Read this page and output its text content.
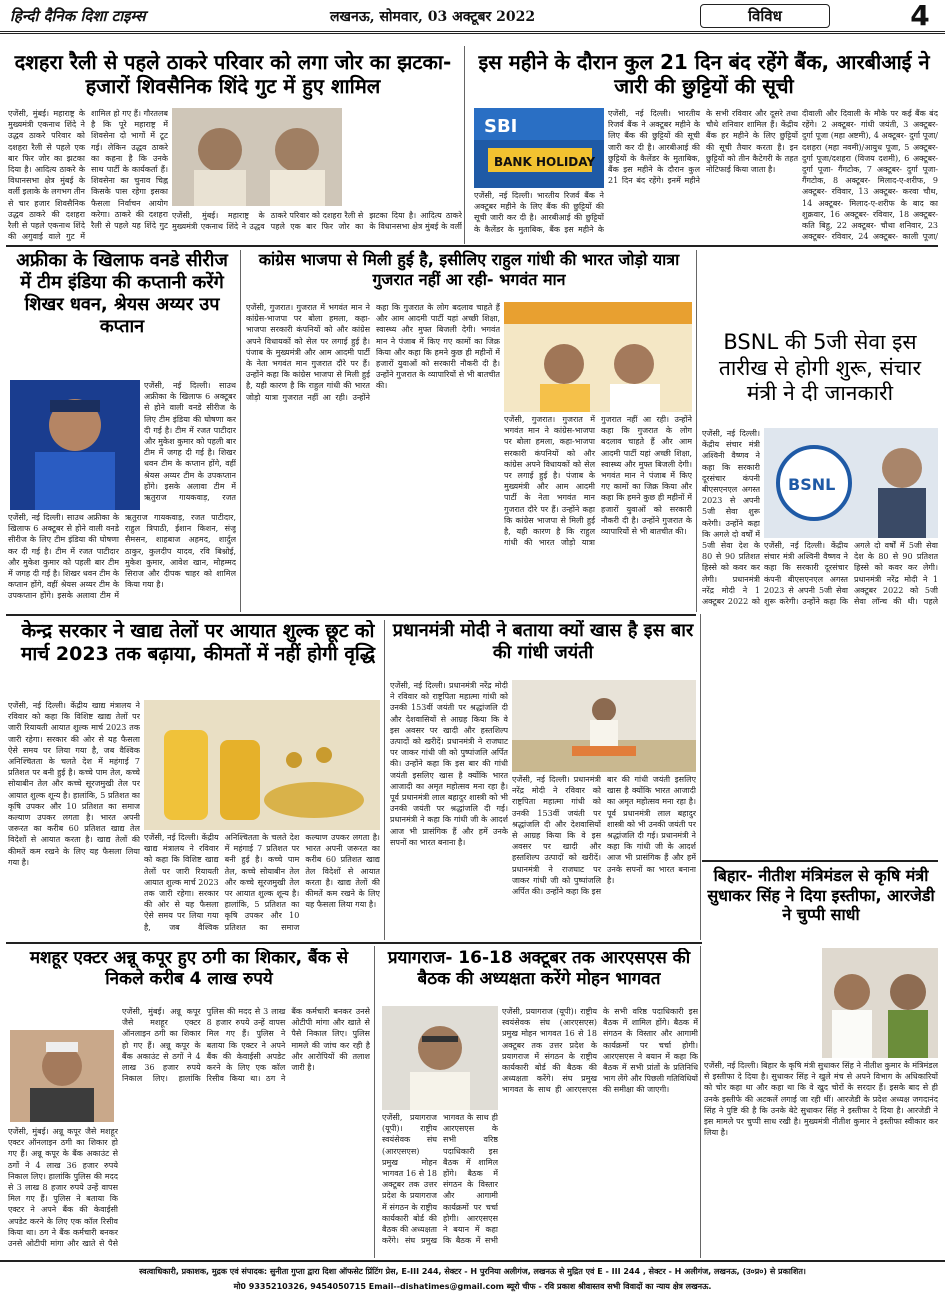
हिन्दी दैनिक दिशा टाइम्स	लखनऊ, सोमवार, 03 अक्टूबर 2022	विविध	4
दशहरा रैली से पहले ठाकरे परिवार को लगा जोर का झटका- हजारों शिवसैनिक शिंदे गुट में हुए शामिल
एजेंसी, मुंबई। महाराष्ट्र के मुख्यमंत्री एकनाथ शिंदे ने उद्धव ठाकरे परिवार को दशहरा रैली से पहले एक बार फिर जोर का झटका दिया है। आदित्य ठाकरे के विधानसभा क्षेत्र मुंबई के वर्ली इलाके के लगभग तीन से चार हजार शिवसैनिक उद्धव ठाकरे की दशहरा रैली से पहले एकनाथ शिंदे की अगुवाई वाले गुट में शामिल हो गए हैं। गौरतलब है कि पूरे महाराष्ट्र में शिवसेना दो भागों में टूट गई। लेकिन उद्धव ठाकरे का कहना है कि उनके साथ पार्टी के कार्यकर्ता हैं। शिवसेना का चुनाव चिह्न किसके पास रहेगा इसका फैसला निर्वाचन आयोग करेगा। ठाकरे की दशहरा रैली से पहले यह शिंदे गुट
एजेंसी, मुंबई। महाराष्ट्र के मुख्यमंत्री एकनाथ शिंदे ने उद्धव ठाकरे परिवार को दशहरा रैली से पहले एक बार फिर जोर का झटका दिया है। आदित्य ठाकरे के विधानसभा क्षेत्र मुंबई के वर्ली
इस महीने के दौरान कुल 21 दिन बंद रहेंगे बैंक, आरबीआई ने जारी की छुट्टियों की सूची
SBI
BANK HOLIDAY
एजेंसी, नई दिल्ली। भारतीय रिजर्व बैंक ने अक्टूबर महीने के लिए बैंक की छुट्टियों की सूची जारी कर दी है। आरबीआई की छुट्टियों के कैलेंडर के मुताबिक, बैंक इस महीने के
एजेंसी, नई दिल्ली। भारतीय रिजर्व बैंक ने अक्टूबर महीने के लिए बैंक की छुट्टियों की सूची जारी कर दी है। आरबीआई की छुट्टियों के कैलेंडर के मुताबिक, बैंक इस महीने के दौरान कुल 21 दिन बंद रहेंगे। इनमें महीने के सभी रविवार और दूसरे तथा चौथे शनिवार शामिल हैं। केंद्रीय बैंक हर महीने के लिए छुट्टियों की सूची तैयार करता है। इन छुट्टियों को तीन कैटेगरी के तहत नोटिफाई किया जाता है।
दीवाली और दिवाली के मौके पर कई बैंक बंद रहेंगे। 2 अक्टूबर- गांधी जयंती, 3 अक्टूबर- दुर्गा पूजा (महा अष्टमी), 4 अक्टूबर- दुर्गा पूजा/दशहरा (महा नवमी)/आयुध पूजा, 5 अक्टूबर- दुर्गा पूजा/दशहरा (विजय दशमी), 6 अक्टूबर- दुर्गा पूजा- गैंगटोक, 7 अक्टूबर- दुर्गा पूजा- गैंगटोक, 8 अक्टूबर- मिलाद-ए-शरीफ, 9 अक्टूबर- रविवार, 13 अक्टूबर- करवा चौथ, 14 अक्टूबर- मिलाद-ए-शरीफ के बाद का शुक्रवार, 16 अक्टूबर- रविवार, 18 अक्टूबर- कति बिहु, 22 अक्टूबर- चौथा शनिवार, 23 अक्टूबर- रविवार, 24 अक्टूबर- काली पूजा/
अफ्रीका के खिलाफ वनडे सीरीज में टीम इंडिया की कप्तानी करेंगे शिखर धवन, श्रेयस अय्यर उप कप्तान
एजेंसी, नई दिल्ली। साउथ अफ्रीका के खिलाफ 6 अक्टूबर से होने वाली वनडे सीरीज के लिए टीम इंडिया की घोषणा कर दी गई है। टीम में रजत पाटीदार और मुकेश कुमार को पहली बार टीम में जगह दी गई है। शिखर धवन टीम के कप्तान होंगे, वहीं श्रेयस अय्यर टीम के उपकप्तान होंगे। इसके अलावा टीम में ऋतुराज गायकवाड़, रजत
एजेंसी, नई दिल्ली। साउथ अफ्रीका के खिलाफ 6 अक्टूबर से होने वाली वनडे सीरीज के लिए टीम इंडिया की घोषणा कर दी गई है। टीम में रजत पाटीदार और मुकेश कुमार को पहली बार टीम में जगह दी गई है। शिखर धवन टीम के कप्तान होंगे, वहीं श्रेयस अय्यर टीम के उपकप्तान होंगे। इसके अलावा टीम में ऋतुराज गायकवाड़, रजत पाटीदार, राहुल त्रिपाठी, ईशान किशन, संजू सैमसन, शाहबाज अहमद, शार्दुल ठाकुर, कुलदीप यादव, रवि बिश्नोई, मुकेश कुमार, आवेश खान, मोहम्मद सिराज और दीपक चाहर को शामिल किया गया है।
कांग्रेस भाजपा से मिली हुई है, इसीलिए राहुल गांधी की भारत जोड़ो यात्रा गुजरात नहीं आ रही- भगवंत मान
एजेंसी, गुजरात। गुजरात में भगवंत मान ने कांग्रेस-भाजपा पर बोला हमला, कहा-भाजपा सरकारी कंपनियों को और कांग्रेस अपने विधायकों को सेल पर लगाई हुई है। पंजाब के मुख्यमंत्री और आम आदमी पार्टी के नेता भगवंत मान गुजरात दौरे पर हैं। उन्होंने कहा कि कांग्रेस भाजपा से मिली हुई है, यही कारण है कि राहुल गांधी की भारत जोड़ो यात्रा गुजरात नहीं आ रही। उन्होंने कहा कि गुजरात के लोग बदलाव चाहते हैं और आम आदमी पार्टी यहां अच्छी शिक्षा, स्वास्थ्य और मुफ्त बिजली देगी। भगवंत मान ने पंजाब में किए गए कामों का जिक्र किया और कहा कि हमने कुछ ही महीनों में हजारों युवाओं को सरकारी नौकरी दी है। उन्होंने गुजरात के व्यापारियों से भी बातचीत की।
एजेंसी, गुजरात। गुजरात में भगवंत मान ने कांग्रेस-भाजपा पर बोला हमला, कहा-भाजपा सरकारी कंपनियों को और कांग्रेस अपने विधायकों को सेल पर लगाई हुई है। पंजाब के मुख्यमंत्री और आम आदमी पार्टी के नेता भगवंत मान गुजरात दौरे पर हैं। उन्होंने कहा कि कांग्रेस भाजपा से मिली हुई है, यही कारण है कि राहुल गांधी की भारत जोड़ो यात्रा गुजरात नहीं आ रही। उन्होंने कहा कि गुजरात के लोग बदलाव चाहते हैं और आम आदमी पार्टी यहां अच्छी शिक्षा, स्वास्थ्य और मुफ्त बिजली देगी। भगवंत मान ने पंजाब में किए गए कामों का जिक्र किया और कहा कि हमने कुछ ही महीनों में हजारों युवाओं को सरकारी नौकरी दी है। उन्होंने गुजरात के व्यापारियों से भी बातचीत की।
BSNL की 5जी सेवा इस तारीख से होगी शुरू, संचार मंत्री ने दी जानकारी
एजेंसी, नई दिल्ली। केंद्रीय संचार मंत्री अश्विनी वैष्णव ने कहा कि सरकारी दूरसंचार कंपनी बीएसएनएल अगस्त 2023 से अपनी 5जी सेवा शुरू करेगी। उन्होंने कहा कि अगले दो वर्षों में 5जी सेवा देश के 80 से 90 प्रतिशत हिस्से को कवर कर लेगी। प्रधानमंत्री नरेंद्र मोदी ने 1 अक्टूबर 2022 को
BSNL
एजेंसी, नई दिल्ली। केंद्रीय संचार मंत्री अश्विनी वैष्णव ने कहा कि सरकारी दूरसंचार कंपनी बीएसएनएल अगस्त 2023 से अपनी 5जी सेवा शुरू करेगी। उन्होंने कहा कि अगले दो वर्षों में 5जी सेवा देश के 80 से 90 प्रतिशत हिस्से को कवर कर लेगी। प्रधानमंत्री नरेंद्र मोदी ने 1 अक्टूबर 2022 को 5जी सेवा लॉन्च की थी। पहले
केन्द्र सरकार ने खाद्य तेलों पर आयात शुल्क छूट को मार्च 2023 तक बढ़ाया, कीमतों में नहीं होगी वृद्धि
एजेंसी, नई दिल्ली। केंद्रीय खाद्य मंत्रालय ने रविवार को कहा कि विशिष्ट खाद्य तेलों पर जारी रियायती आयात शुल्क मार्च 2023 तक जारी रहेगा। सरकार की ओर से यह फैसला ऐसे समय पर लिया गया है, जब वैश्विक अनिश्चितता के चलते देश में महंगाई 7 प्रतिशत पर बनी हुई है। कच्चे पाम तेल, कच्चे सोयाबीन तेल और कच्चे सूरजमुखी तेल पर आयात शुल्क शून्य है। हालांकि, 5 प्रतिशत का कृषि उपकर और 10 प्रतिशत का समाज कल्याण उपकर लगता है। भारत अपनी जरूरत का करीब 60 प्रतिशत खाद्य तेल विदेशों से आयात करता है। खाद्य तेलों की कीमतें कम रखने के लिए यह फैसला लिया गया है।
एजेंसी, नई दिल्ली। केंद्रीय खाद्य मंत्रालय ने रविवार को कहा कि विशिष्ट खाद्य तेलों पर जारी रियायती आयात शुल्क मार्च 2023 तक जारी रहेगा। सरकार की ओर से यह फैसला ऐसे समय पर लिया गया है, जब वैश्विक अनिश्चितता के चलते देश में महंगाई 7 प्रतिशत पर बनी हुई है। कच्चे पाम तेल, कच्चे सोयाबीन तेल और कच्चे सूरजमुखी तेल पर आयात शुल्क शून्य है। हालांकि, 5 प्रतिशत का कृषि उपकर और 10 प्रतिशत का समाज कल्याण उपकर लगता है। भारत अपनी जरूरत का करीब 60 प्रतिशत खाद्य तेल विदेशों से आयात करता है। खाद्य तेलों की कीमतें कम रखने के लिए यह फैसला लिया गया है।
प्रधानमंत्री मोदी ने बताया क्यों खास है इस बार की गांधी जयंती
एजेंसी, नई दिल्ली। प्रधानमंत्री नरेंद्र मोदी ने रविवार को राष्ट्रपिता महात्मा गांधी को उनकी 153वीं जयंती पर श्रद्धांजलि दी और देशवासियों से आग्रह किया कि वे इस अवसर पर खादी और हस्तशिल्प उत्पादों को खरीदें। प्रधानमंत्री ने राजघाट पर जाकर गांधी जी को पुष्पांजलि अर्पित की। उन्होंने कहा कि इस बार की गांधी जयंती इसलिए खास है क्योंकि भारत आजादी का अमृत महोत्सव मना रहा है। पूर्व प्रधानमंत्री लाल बहादुर शास्त्री को भी उनकी जयंती पर श्रद्धांजलि दी गई। प्रधानमंत्री ने कहा कि गांधी जी के आदर्श आज भी प्रासंगिक हैं और हमें उनके सपनों का भारत बनाना है।
एजेंसी, नई दिल्ली। प्रधानमंत्री नरेंद्र मोदी ने रविवार को राष्ट्रपिता महात्मा गांधी को उनकी 153वीं जयंती पर श्रद्धांजलि दी और देशवासियों से आग्रह किया कि वे इस अवसर पर खादी और हस्तशिल्प उत्पादों को खरीदें। प्रधानमंत्री ने राजघाट पर जाकर गांधी जी को पुष्पांजलि अर्पित की। उन्होंने कहा कि इस बार की गांधी जयंती इसलिए खास है क्योंकि भारत आजादी का अमृत महोत्सव मना रहा है। पूर्व प्रधानमंत्री लाल बहादुर शास्त्री को भी उनकी जयंती पर श्रद्धांजलि दी गई। प्रधानमंत्री ने कहा कि गांधी जी के आदर्श आज भी प्रासंगिक हैं और हमें उनके सपनों का भारत बनाना है।	बिहार- नीतीश मंत्रिमंडल से कृषि मंत्री सुधाकर सिंह ने दिया इस्तीफा, आरजेडी ने चुप्पी साधी
एजेंसी, नई दिल्ली। बिहार के कृषि मंत्री सुधाकर सिंह ने नीतीश कुमार के मंत्रिमंडल से इस्तीफा दे दिया है। सुधाकर सिंह ने खुले मंच से अपने विभाग के अधिकारियों को चोर कहा था और कहा था कि वे खुद चोरों के सरदार हैं। इसके बाद से ही उनके इस्तीफे की अटकलें लगाई जा रही थीं। आरजेडी के प्रदेश अध्यक्ष जगदानंद सिंह ने पुष्टि की है कि उनके बेटे सुधाकर सिंह ने इस्तीफा दे दिया है। आरजेडी ने इस मामले पर चुप्पी साध रखी है। मुख्यमंत्री नीतीश कुमार ने इस्तीफा स्वीकार कर लिया है।
मशहूर एक्टर अन्नू कपूर हुए ठगी का शिकार, बैंक से निकले करीब 4 लाख रुपये
एजेंसी, मुंबई। अन्नू कपूर जैसे मशहूर एक्टर ऑनलाइन ठगी का शिकार हो गए हैं। अन्नू कपूर के बैंक अकाउंट से ठगों ने 4 लाख 36 हजार रुपये निकाल लिए। हालांकि पुलिस की मदद से 3 लाख 8 हजार रुपये उन्हें वापस मिल गए हैं। पुलिस ने बताया कि एक्टर ने अपने बैंक की केवाईसी अपडेट करने के लिए एक कॉल रिसीव किया था। ठग ने बैंक कर्मचारी बनकर उनसे ओटीपी मांगा और खाते से पैसे
एजेंसी, मुंबई। अन्नू कपूर जैसे मशहूर एक्टर ऑनलाइन ठगी का शिकार हो गए हैं। अन्नू कपूर के बैंक अकाउंट से ठगों ने 4 लाख 36 हजार रुपये निकाल लिए। हालांकि पुलिस की मदद से 3 लाख 8 हजार रुपये उन्हें वापस मिल गए हैं। पुलिस ने बताया कि एक्टर ने अपने बैंक की केवाईसी अपडेट करने के लिए एक कॉल रिसीव किया था। ठग ने बैंक कर्मचारी बनकर उनसे ओटीपी मांगा और खाते से पैसे निकाल लिए। पुलिस मामले की जांच कर रही है और आरोपियों की तलाश जारी है।
प्रयागराज- 16-18 अक्टूबर तक आरएसएस की बैठक की अध्यक्षता करेंगे मोहन भागवत
एजेंसी, प्रयागराज (यूपी)। राष्ट्रीय स्वयंसेवक संघ (आरएसएस) प्रमुख मोहन भागवत 16 से 18 अक्टूबर तक उत्तर प्रदेश के प्रयागराज में संगठन के राष्ट्रीय कार्यकारी बोर्ड की बैठक की अध्यक्षता करेंगे। संघ प्रमुख भागवत के साथ ही आरएसएस के सभी वरिष्ठ पदाधिकारी इस बैठक में शामिल होंगे। बैठक में संगठन के विस्तार और आगामी कार्यक्रमों पर चर्चा होगी। आरएसएस ने बयान में कहा कि बैठक में सभी
एजेंसी, प्रयागराज (यूपी)। राष्ट्रीय स्वयंसेवक संघ (आरएसएस) प्रमुख मोहन भागवत 16 से 18 अक्टूबर तक उत्तर प्रदेश के प्रयागराज में संगठन के राष्ट्रीय कार्यकारी बोर्ड की बैठक की अध्यक्षता करेंगे। संघ प्रमुख भागवत के साथ ही आरएसएस के सभी वरिष्ठ पदाधिकारी इस बैठक में शामिल होंगे। बैठक में संगठन के विस्तार और आगामी कार्यक्रमों पर चर्चा होगी। आरएसएस ने बयान में कहा कि बैठक में सभी प्रांतों के प्रतिनिधि भाग लेंगे और पिछली गतिविधियों की समीक्षा की जाएगी।
स्वत्वाधिकारी, प्रकाशक, मुद्रक एवं संपादक: सुनीता गुप्ता द्वारा दिशा ऑफसेट प्रिंटिंग प्रेस, E-III 244, सेक्टर - H पुरनिया अलीगंज, लखनऊ से मुद्रित एवं E - III 244 , सेक्टर - H अलीगंज, लखनऊ, (उ०प्र०) से प्रकाशित।
मो0 9335210326, 9454050715 Email--dishatimes@gmail.com ब्यूरो चीफ - रवि प्रकाश श्रीवास्तव सभी विवादों का न्याय क्षेत्र लखनऊ.
